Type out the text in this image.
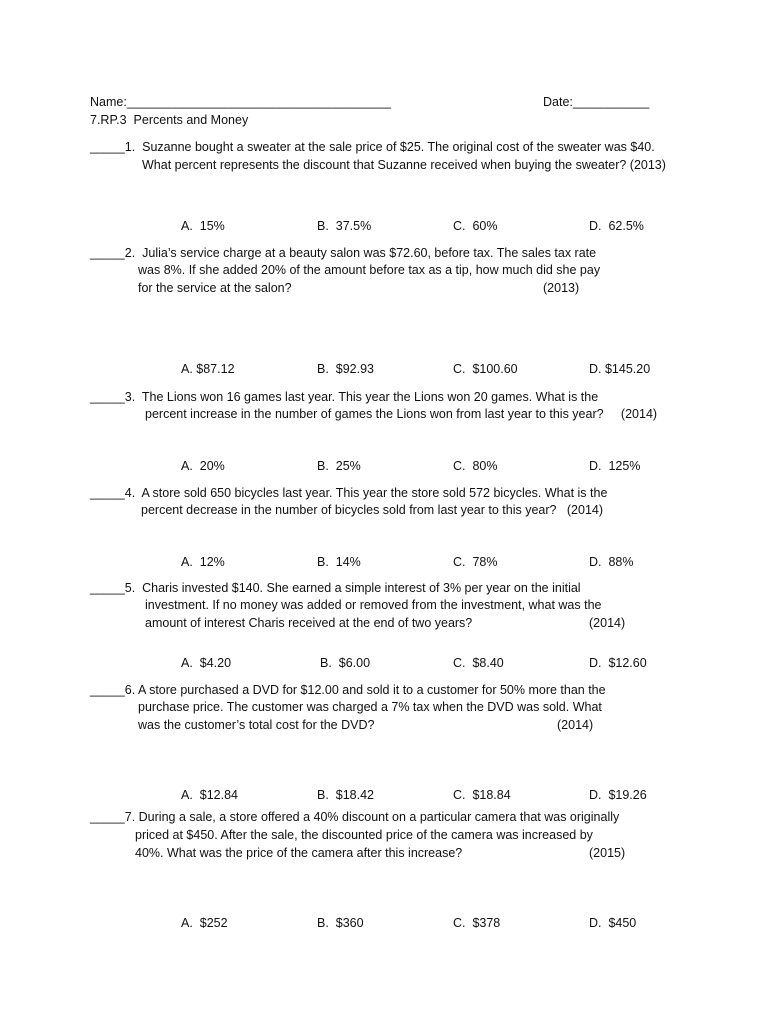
Name:______________________________________	Date:___________
7.RP.3  Percents and Money
_____1.  Suzanne bought a sweater at the sale price of $25. The original cost of the sweater was $40.
What percent represents the discount that Suzanne received when buying the sweater? (2013)
A.  15%	B.  37.5%	C.  60%	D.  62.5%
_____2.  Julia’s service charge at a beauty salon was $72.60, before tax. The sales tax rate
was 8%. If she added 20% of the amount before tax as a tip, how much did she pay
for the service at the salon?	(2013)
A. $87.12	B.  $92.93	C.  $100.60	D. $145.20
_____3.  The Lions won 16 games last year. This year the Lions won 20 games. What is the
percent increase in the number of games the Lions won from last year to this year?     (2014)
A.  20%	B.  25%	C.  80%	D.  125%
_____4.  A store sold 650 bicycles last year. This year the store sold 572 bicycles. What is the
percent decrease in the number of bicycles sold from last year to this year?   (2014)
A.  12%	B.  14%	C.  78%	D.  88%
_____5.  Charis invested $140. She earned a simple interest of 3% per year on the initial
investment. If no money was added or removed from the investment, what was the
amount of interest Charis received at the end of two years?	(2014)
A.  $4.20	B.  $6.00	C.  $8.40	D.  $12.60
_____6. A store purchased a DVD for $12.00 and sold it to a customer for 50% more than the
purchase price. The customer was charged a 7% tax when the DVD was sold. What
was the customer’s total cost for the DVD?	(2014)
A.  $12.84	B.  $18.42	C.  $18.84	D.  $19.26
_____7. During a sale, a store offered a 40% discount on a particular camera that was originally
priced at $450. After the sale, the discounted price of the camera was increased by
40%. What was the price of the camera after this increase?	(2015)
A.  $252	B.  $360	C.  $378	D.  $450
